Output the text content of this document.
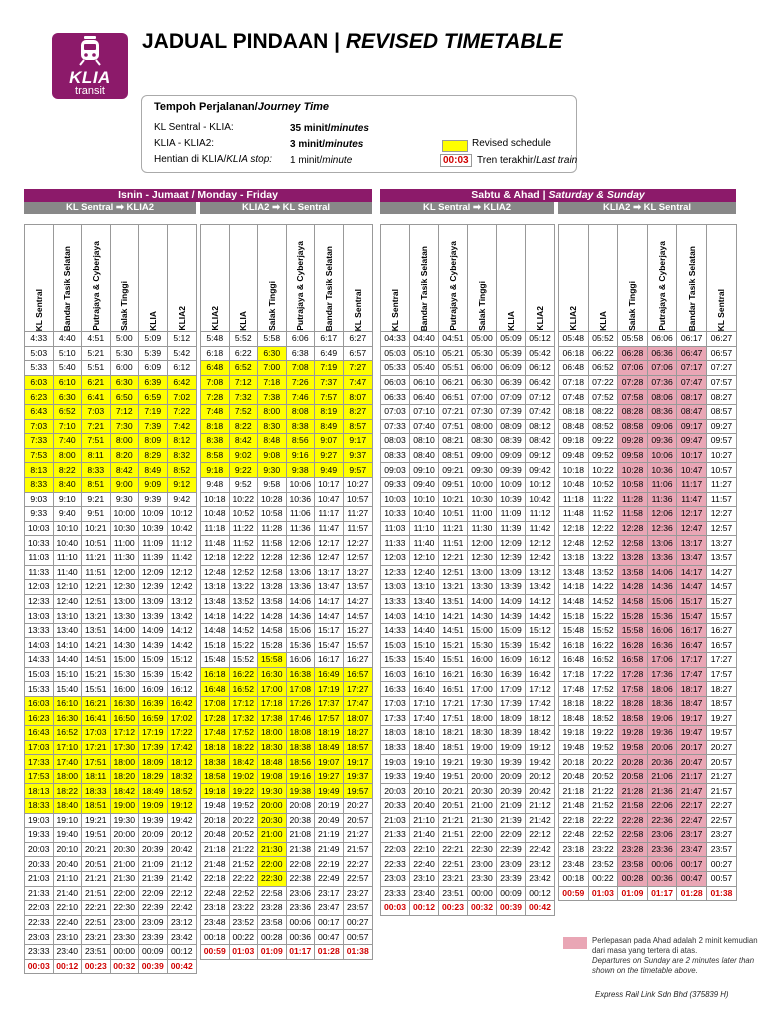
KLIA
transit
JADUAL PINDAAN | REVISED TIMETABLE
Tempoh Perjalanan/Journey Time
KL Sentral - KLIA:	35 minit/minutes
KLIA - KLIA2:	3 minit/minutes
Hentian di KLIA/KLIA stop: 1 minit/minute
Revised schedule
00:03 Tren terakhir/Last train
Isnin - Jumaat / Monday - Friday
KL Sentral ➡ KLIA2	KLIA2 ➡ KL Sentral
Sabtu & Ahad | Saturday & Sunday
KL Sentral ➡ KLIA2	KLIA2 ➡ KL Sentral
KL Sentral	Bandar Tasik Selatan	Putrajaya & Cyberjaya	Salak Tinggi	KLIA	KLIA2

4:33	4:40	4:51	5:00	5:09	5:12
5:03	5:10	5:21	5:30	5:39	5:42
5:33	5:40	5:51	6:00	6:09	6:12
6:03	6:10	6:21	6:30	6:39	6:42
6:23	6:30	6:41	6:50	6:59	7:02
6:43	6:52	7:03	7:12	7:19	7:22
7:03	7:10	7:21	7:30	7:39	7:42
7:33	7:40	7:51	8:00	8:09	8:12
7:53	8:00	8:11	8:20	8:29	8:32
8:13	8:22	8:33	8:42	8:49	8:52
8:33	8:40	8:51	9:00	9:09	9:12
9:03	9:10	9:21	9:30	9:39	9:42
9:33	9:40	9:51	10:00	10:09	10:12
10:03	10:10	10:21	10:30	10:39	10:42
10:33	10:40	10:51	11:00	11:09	11:12
11:03	11:10	11:21	11:30	11:39	11:42
11:33	11:40	11:51	12:00	12:09	12:12
12:03	12:10	12:21	12:30	12:39	12:42
12:33	12:40	12:51	13:00	13:09	13:12
13:03	13:10	13:21	13:30	13:39	13:42
13:33	13:40	13:51	14:00	14:09	14:12
14:03	14:10	14:21	14:30	14:39	14:42
14:33	14:40	14:51	15:00	15:09	15:12
15:03	15:10	15:21	15:30	15:39	15:42
15:33	15:40	15:51	16:00	16:09	16:12
16:03	16:10	16:21	16:30	16:39	16:42
16:23	16:30	16:41	16:50	16:59	17:02
16:43	16:52	17:03	17:12	17:19	17:22
17:03	17:10	17:21	17:30	17:39	17:42
17:33	17:40	17:51	18:00	18:09	18:12
17:53	18:00	18:11	18:20	18:29	18:32
18:13	18:22	18:33	18:42	18:49	18:52
18:33	18:40	18:51	19:00	19:09	19:12
19:03	19:10	19:21	19:30	19:39	19:42
19:33	19:40	19:51	20:00	20:09	20:12
20:03	20:10	20:21	20:30	20:39	20:42
20:33	20:40	20:51	21:00	21:09	21:12
21:03	21:10	21:21	21:30	21:39	21:42
21:33	21:40	21:51	22:00	22:09	22:12
22:03	22:10	22:21	22:30	22:39	22:42
22:33	22:40	22:51	23:00	23:09	23:12
23:03	23:10	23:21	23:30	23:39	23:42
23:33	23:40	23:51	00:00	00:09	00:12
00:03	00:12	00:23	00:32	00:39	00:42
KLIA2	KLIA	Salak Tinggi	Putrajaya & Cyberjaya	Bandar Tasik Selatan	KL Sentral

5:48	5:52	5:58	6:06	6:17	6:27
6:18	6:22	6:30	6:38	6:49	6:57
6:48	6:52	7:00	7:08	7:19	7:27
7:08	7:12	7:18	7:26	7:37	7:47
7:28	7:32	7:38	7:46	7:57	8:07
7:48	7:52	8:00	8:08	8:19	8:27
8:18	8:22	8:30	8:38	8:49	8:57
8:38	8:42	8:48	8:56	9:07	9:17
8:58	9:02	9:08	9:16	9:27	9:37
9:18	9:22	9:30	9:38	9:49	9:57
9:48	9:52	9:58	10:06	10:17	10:27
10:18	10:22	10:28	10:36	10:47	10:57
10:48	10:52	10:58	11:06	11:17	11:27
11:18	11:22	11:28	11:36	11:47	11:57
11:48	11:52	11:58	12:06	12:17	12:27
12:18	12:22	12:28	12:36	12:47	12:57
12:48	12:52	12:58	13:06	13:17	13:27
13:18	13:22	13:28	13:36	13:47	13:57
13:48	13:52	13:58	14:06	14:17	14:27
14:18	14:22	14:28	14:36	14:47	14:57
14:48	14:52	14:58	15:06	15:17	15:27
15:18	15:22	15:28	15:36	15:47	15:57
15:48	15:52	15:58	16:06	16:17	16:27
16:18	16:22	16:30	16:38	16:49	16:57
16:48	16:52	17:00	17:08	17:19	17:27
17:08	17:12	17:18	17:26	17:37	17:47
17:28	17:32	17:38	17:46	17:57	18:07
17:48	17:52	18:00	18:08	18:19	18:27
18:18	18:22	18:30	18:38	18:49	18:57
18:38	18:42	18:48	18:56	19:07	19:17
18:58	19:02	19:08	19:16	19:27	19:37
19:18	19:22	19:30	19:38	19:49	19:57
19:48	19:52	20:00	20:08	20:19	20:27
20:18	20:22	20:30	20:38	20:49	20:57
20:48	20:52	21:00	21:08	21:19	21:27
21:18	21:22	21:30	21:38	21:49	21:57
21:48	21:52	22:00	22:08	22:19	22:27
22:18	22:22	22:30	22:38	22:49	22:57
22:48	22:52	22:58	23:06	23:17	23:27
23:18	23:22	23:28	23:36	23:47	23:57
23:48	23:52	23:58	00:06	00:17	00:27
00:18	00:22	00:28	00:36	00:47	00:57
00:59	01:03	01:09	01:17	01:28	01:38
KL Sentral	Bandar Tasik Selatan	Putrajaya & Cyberjaya	Salak Tinggi	KLIA	KLIA2

04:33	04:40	04:51	05:00	05:09	05:12
05:03	05:10	05:21	05:30	05:39	05:42
05:33	05:40	05:51	06:00	06:09	06:12
06:03	06:10	06:21	06:30	06:39	06:42
06:33	06:40	06:51	07:00	07:09	07:12
07:03	07:10	07:21	07:30	07:39	07:42
07:33	07:40	07:51	08:00	08:09	08:12
08:03	08:10	08:21	08:30	08:39	08:42
08:33	08:40	08:51	09:00	09:09	09:12
09:03	09:10	09:21	09:30	09:39	09:42
09:33	09:40	09:51	10:00	10:09	10:12
10:03	10:10	10:21	10:30	10:39	10:42
10:33	10:40	10:51	11:00	11:09	11:12
11:03	11:10	11:21	11:30	11:39	11:42
11:33	11:40	11:51	12:00	12:09	12:12
12:03	12:10	12:21	12:30	12:39	12:42
12:33	12:40	12:51	13:00	13:09	13:12
13:03	13:10	13:21	13:30	13:39	13:42
13:33	13:40	13:51	14:00	14:09	14:12
14:03	14:10	14:21	14:30	14:39	14:42
14:33	14:40	14:51	15:00	15:09	15:12
15:03	15:10	15:21	15:30	15:39	15:42
15:33	15:40	15:51	16:00	16:09	16:12
16:03	16:10	16:21	16:30	16:39	16:42
16:33	16:40	16:51	17:00	17:09	17:12
17:03	17:10	17:21	17:30	17:39	17:42
17:33	17:40	17:51	18:00	18:09	18:12
18:03	18:10	18:21	18:30	18:39	18:42
18:33	18:40	18:51	19:00	19:09	19:12
19:03	19:10	19:21	19:30	19:39	19:42
19:33	19:40	19:51	20:00	20:09	20:12
20:03	20:10	20:21	20:30	20:39	20:42
20:33	20:40	20:51	21:00	21:09	21:12
21:03	21:10	21:21	21:30	21:39	21:42
21:33	21:40	21:51	22:00	22:09	22:12
22:03	22:10	22:21	22:30	22:39	22:42
22:33	22:40	22:51	23:00	23:09	23:12
23:03	23:10	23:21	23:30	23:39	23:42
23:33	23:40	23:51	00:00	00:09	00:12
00:03	00:12	00:23	00:32	00:39	00:42
KLIA2	KLIA	Salak Tinggi	Putrajaya & Cyberjaya	Bandar Tasik Selatan	KL Sentral

05:48	05:52	05:58	06:06	06:17	06:27
06:18	06:22	06:28	06:36	06:47	06:57
06:48	06:52	07:06	07:06	07:17	07:27
07:18	07:22	07:28	07:36	07:47	07:57
07:48	07:52	07:58	08:06	08:17	08:27
08:18	08:22	08:28	08:36	08:47	08:57
08:48	08:52	08:58	09:06	09:17	09:27
09:18	09:22	09:28	09:36	09:47	09:57
09:48	09:52	09:58	10:06	10:17	10:27
10:18	10:22	10:28	10:36	10:47	10:57
10:48	10:52	10:58	11:06	11:17	11:27
11:18	11:22	11:28	11:36	11:47	11:57
11:48	11:52	11:58	12:06	12:17	12:27
12:18	12:22	12:28	12:36	12:47	12:57
12:48	12:52	12:58	13:06	13:17	13:27
13:18	13:22	13:28	13:36	13:47	13:57
13:48	13:52	13:58	14:06	14:17	14:27
14:18	14:22	14:28	14:36	14:47	14:57
14:48	14:52	14:58	15:06	15:17	15:27
15:18	15:22	15:28	15:36	15:47	15:57
15:48	15:52	15:58	16:06	16:17	16:27
16:18	16:22	16:28	16:36	16:47	16:57
16:48	16:52	16:58	17:06	17:17	17:27
17:18	17:22	17:28	17:36	17:47	17:57
17:48	17:52	17:58	18:06	18:17	18:27
18:18	18:22	18:28	18:36	18:47	18:57
18:48	18:52	18:58	19:06	19:17	19:27
19:18	19:22	19:28	19:36	19:47	19:57
19:48	19:52	19:58	20:06	20:17	20:27
20:18	20:22	20:28	20:36	20:47	20:57
20:48	20:52	20:58	21:06	21:17	21:27
21:18	21:22	21:28	21:36	21:47	21:57
21:48	21:52	21:58	22:06	22:17	22:27
22:18	22:22	22:28	22:36	22:47	22:57
22:48	22:52	22:58	23:06	23:17	23:27
23:18	23:22	23:28	23:36	23:47	23:57
23:48	23:52	23:58	00:06	00:17	00:27
00:18	00:22	00:28	00:36	00:47	00:57
00:59	01:03	01:09	01:17	01:28	01:38
Perlepasan pada Ahad adalah 2 minit kemudian dari masa yang tertera di atas.
Departures on Sunday are 2 minutes later than shown on the timetable above.
Express Rail Link Sdn Bhd (375839 H)
